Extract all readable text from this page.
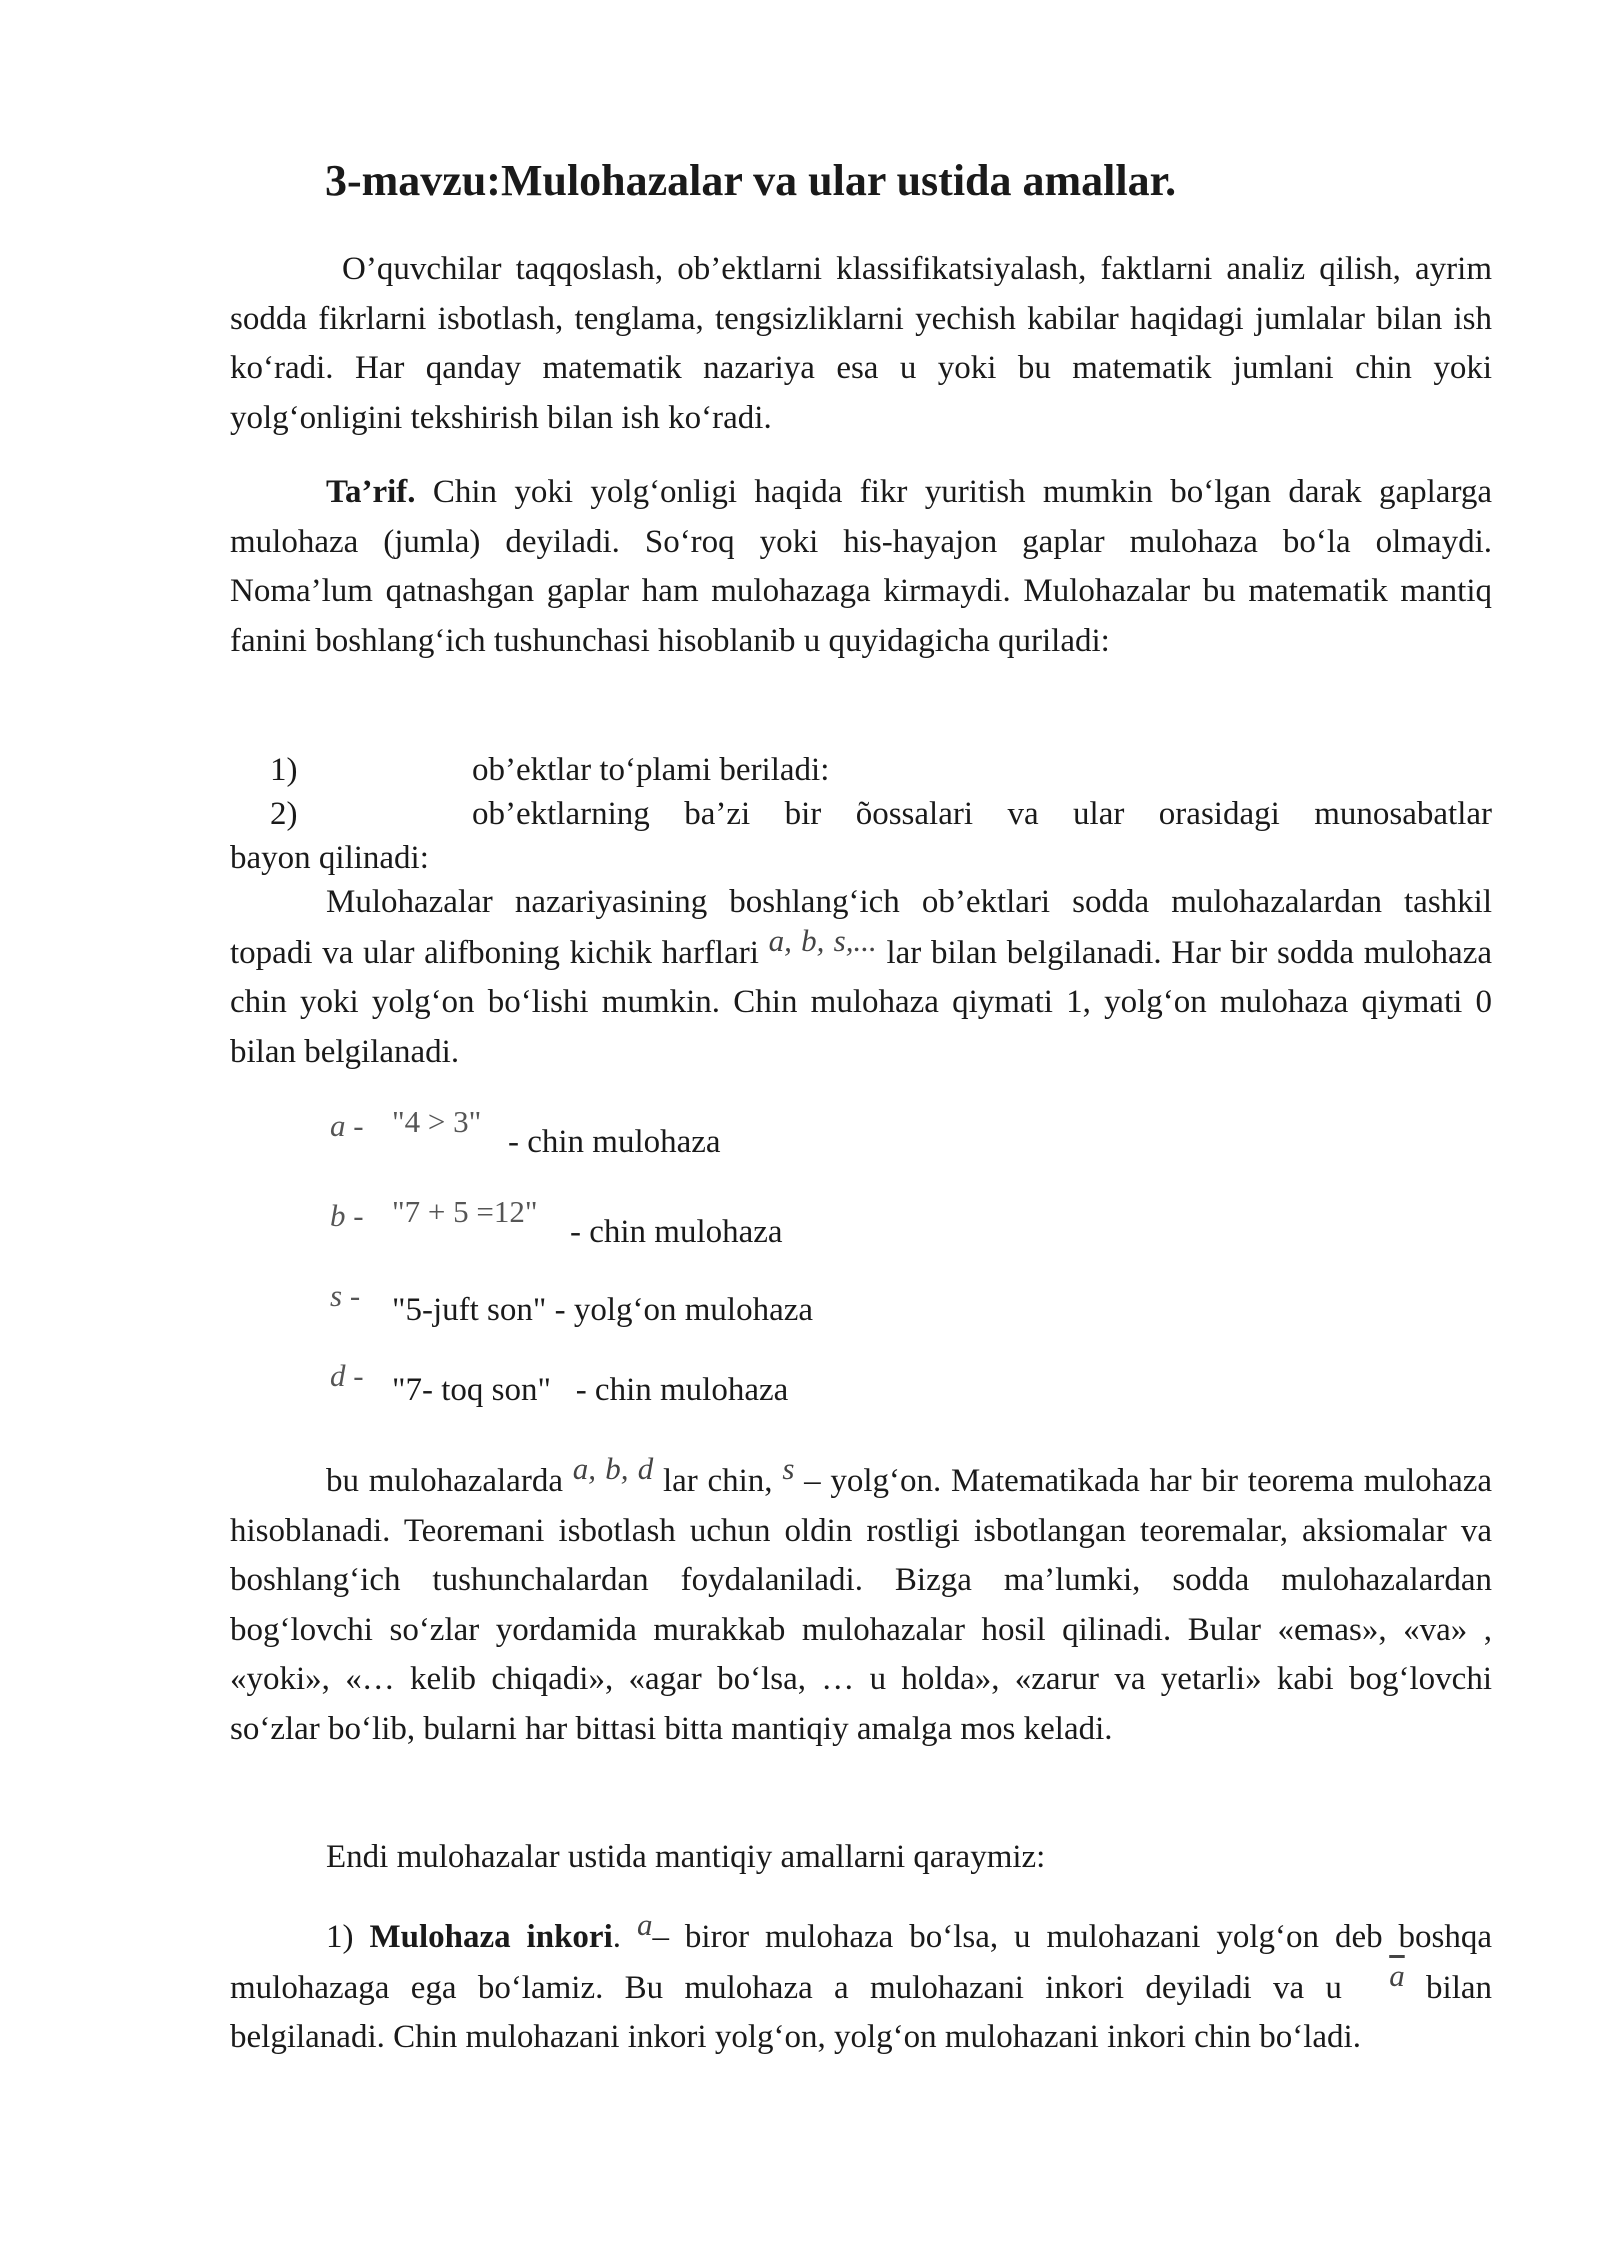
3-mavzu:Mulohazalar va ular ustida amallar.

O’quvchilar taqqoslash, ob’ektlarni klassifikatsiyalash, faktlarni analiz qilish, ayrim sodda fikrlarni isbotlash, tenglama, tengsizliklarni yechish kabilar haqidagi jumlalar bilan ish ko‘radi. Har qanday matematik nazariya esa u yoki bu matematik jumlani chin yoki yolg‘onligini tekshirish bilan ish ko‘radi.

Ta’rif. Chin yoki yolg‘onligi haqida fikr yuritish mumkin bo‘lgan darak gaplarga mulohaza (jumla) deyiladi. So‘roq yoki his-hayajon gaplar mulohaza bo‘la olmaydi. Noma’lum qatnashgan gaplar ham mulohazaga kirmaydi. Mulohazalar bu matematik mantiq fanini boshlang‘ich tushunchasi hisoblanib u quyidagicha quriladi:

1)	ob’ektlar to‘plami beriladi:
2)	ob’ektlarning ba’zi bir õossalari va ular orasidagi munosabatlar
bayon qilinadi:

Mulohazalar nazariyasining boshlang‘ich ob’ektlari sodda mulohazalardan tashkil topadi va ular alifboning kichik harflari a, b, s,... lar bilan belgilanadi. Har bir sodda mulohaza chin yoki yolg‘on bo‘lishi mumkin. Chin mulohaza qiymati 1, yolg‘on mulohaza qiymati 0 bilan belgilanadi.

a - "4 > 3"
- chin mulohaza
b - "7 + 5 =12"
- chin mulohaza
s - "5-juft son" - yolg‘on mulohaza
d - "7- toq son"   - chin mulohaza

bu mulohazalarda a, b, d lar chin, s – yolg‘on. Matematikada har bir teorema mulohaza hisoblanadi. Teoremani isbotlash uchun oldin rostligi isbotlangan teoremalar, aksiomalar va boshlang‘ich tushunchalardan foydalaniladi. Bizga ma’lumki, sodda mulohazalardan bog‘lovchi so‘zlar yordamida murakkab mulohazalar hosil qilinadi. Bular «emas», «va» , «yoki», «… kelib chiqadi», «agar bo‘lsa, … u holda», «zarur va yetarli» kabi bog‘lovchi so‘zlar bo‘lib, bularni har bittasi bitta mantiqiy amalga mos keladi.

Endi mulohazalar ustida mantiqiy amallarni qaraymiz:

1) Mulohaza inkori. a– biror mulohaza bo‘lsa, u mulohazani yolg‘on deb boshqa mulohazaga ega bo‘lamiz. Bu mulohaza a mulohazani inkori deyiladi va u $\overline{a}$ bilan belgilanadi. Chin mulohazani inkori yolg‘on, yolg‘on mulohazani inkori chin bo‘ladi.
